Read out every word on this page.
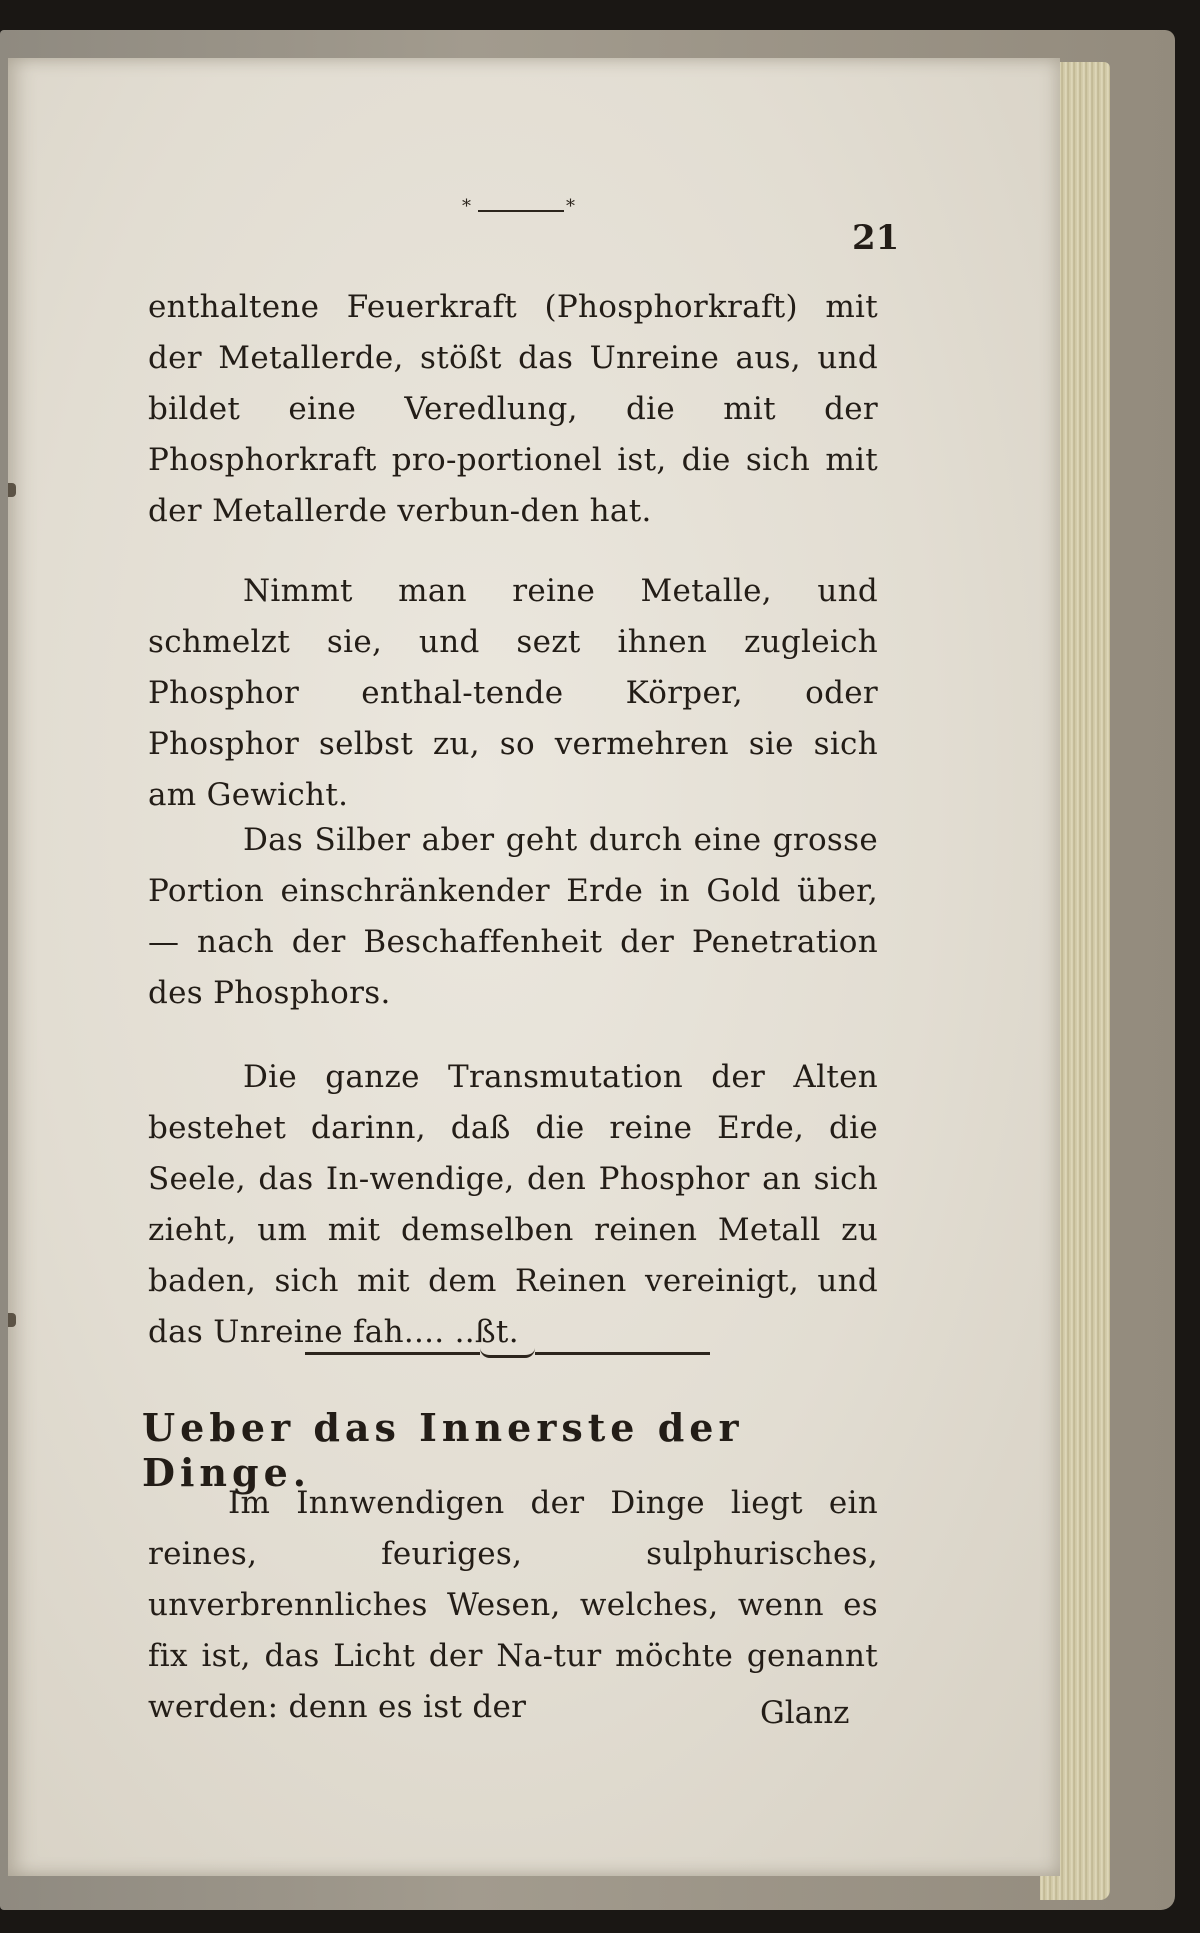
*	*
21

enthaltene Feuerkraft (Phosphorkraft) mit der Metallerde, stößt das Unreine aus, und bildet eine Veredlung, die mit der Phosphorkraft pro-portionel ist, die sich mit der Metallerde verbun-den hat.

Nimmt man reine Metalle, und schmelzt sie, und sezt ihnen zugleich Phosphor enthal-tende Körper, oder Phosphor selbst zu, so vermehren sie sich am Gewicht.

Das Silber aber geht durch eine grosse Portion einschränkender Erde in Gold über,— nach der Beschaffenheit der Penetration des Phosphors.

Die ganze Transmutation der Alten bestehet darinn, daß die reine Erde, die Seele, das In-wendige, den Phosphor an sich zieht, um mit demselben reinen Metall zu baden, sich mit dem Reinen vereinigt, und das Unreine fah.... ..ßt.

Ueber das Innerste der Dinge.

Im Innwendigen der Dinge liegt ein reines, feuriges, sulphurisches, unverbrennliches Wesen, welches, wenn es fix ist, das Licht der Na-tur möchte genannt werden: denn es ist der	Glanz
